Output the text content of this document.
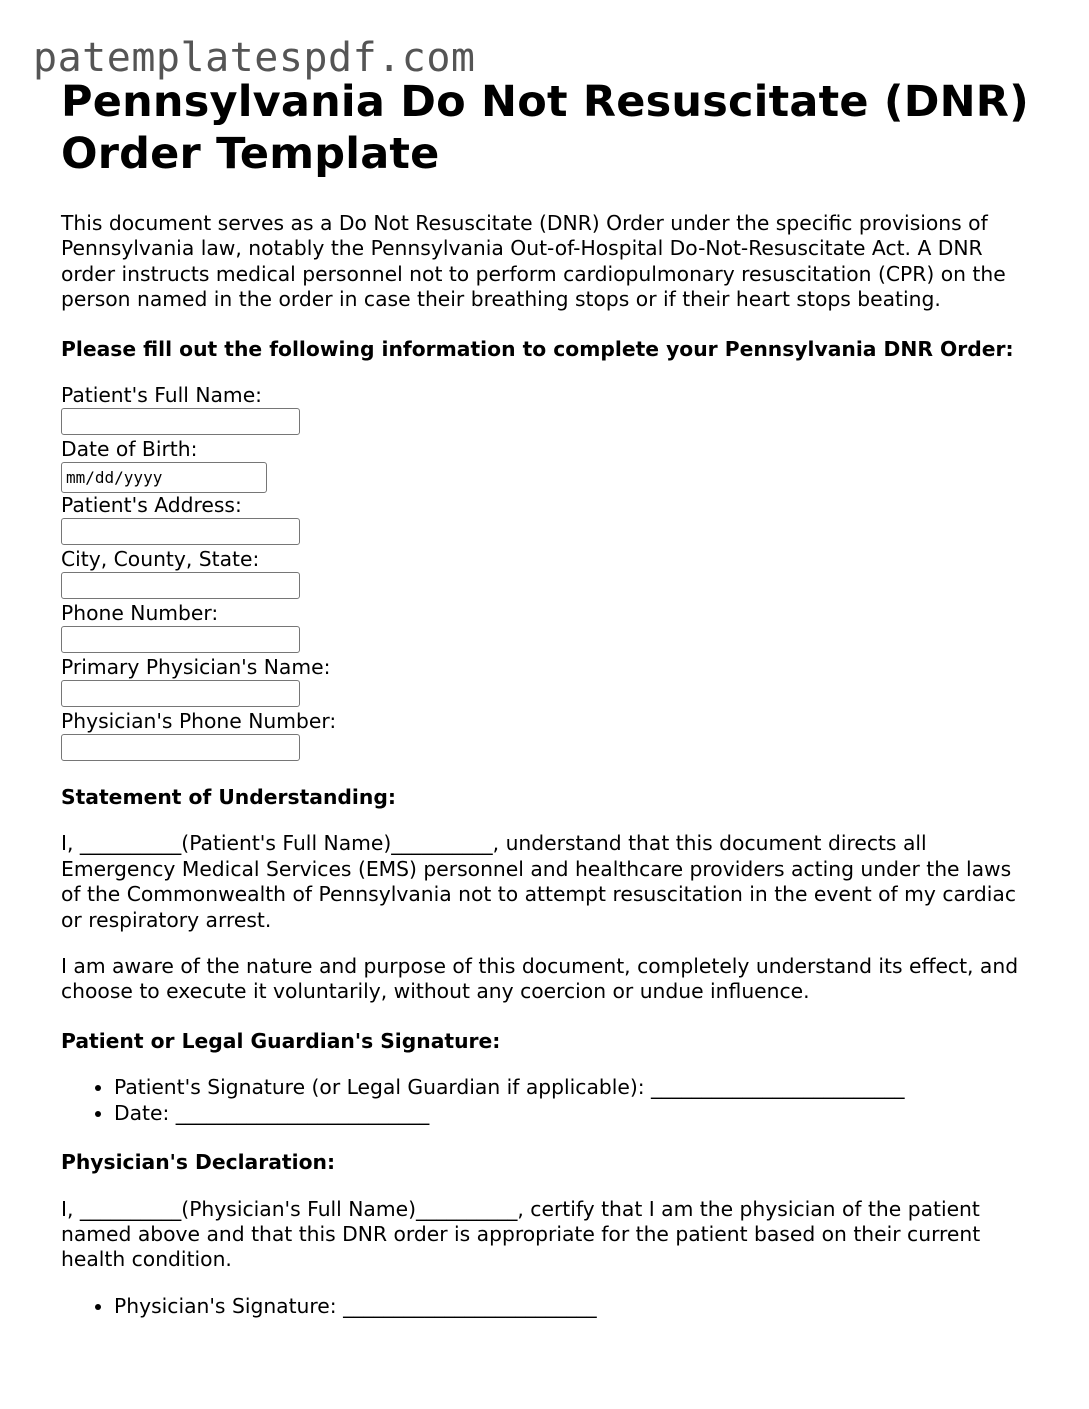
patemplatespdf.com
Pennsylvania Do Not Resuscitate (DNR) Order Template

This document serves as a Do Not Resuscitate (DNR) Order under the specific provisions of Pennsylvania law, notably the Pennsylvania Out-of-Hospital Do-Not-Resuscitate Act. A DNR order instructs medical personnel not to perform cardiopulmonary resuscitation (CPR) on the person named in the order in case their breathing stops or if their heart stops beating.

Please fill out the following information to complete your Pennsylvania DNR Order:

Patient's Full Name:
Date of Birth:
mm/dd/yyyy
Patient's Address:
City, County, State:
Phone Number:
Primary Physician's Name:
Physician's Phone Number:
Statement of Understanding:

I, __________(Patient's Full Name)__________, understand that this document directs all Emergency Medical Services (EMS) personnel and healthcare providers acting under the laws of the Commonwealth of Pennsylvania not to attempt resuscitation in the event of my cardiac or respiratory arrest.

I am aware of the nature and purpose of this document, completely understand its effect, and choose to execute it voluntarily, without any coercion or undue influence.

Patient or Legal Guardian's Signature:
• Patient's Signature (or Legal Guardian if applicable): _________________________
• Date: _________________________
Physician's Declaration:

I, __________(Physician's Full Name)__________, certify that I am the physician of the patient named above and that this DNR order is appropriate for the patient based on their current health condition.

• Physician's Signature: _________________________
